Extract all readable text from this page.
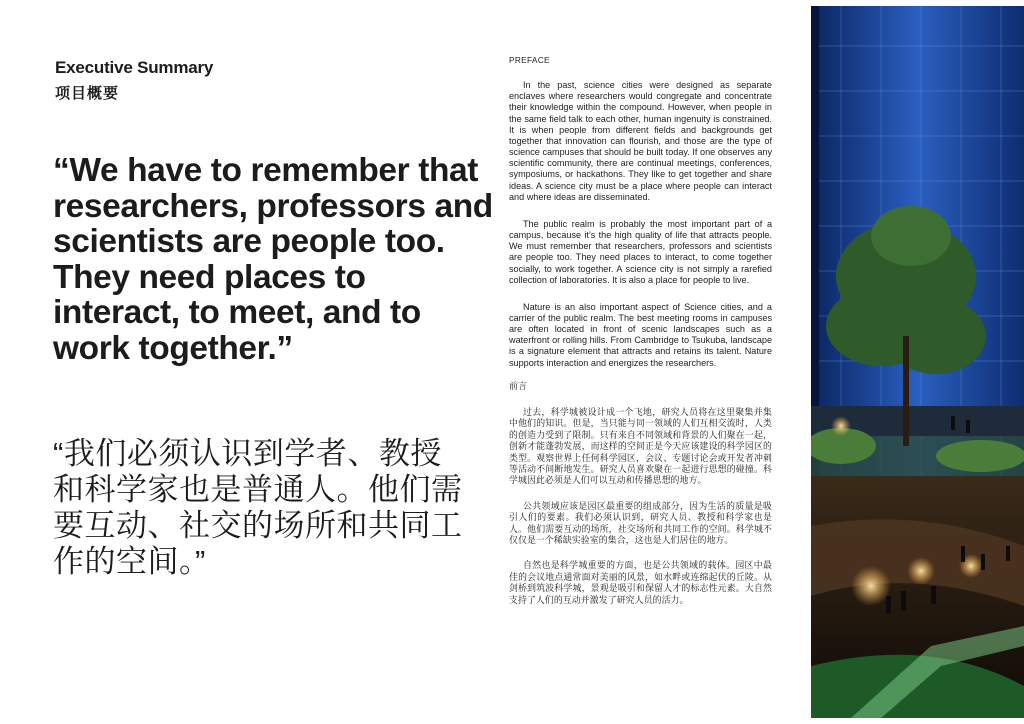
Executive Summary
项目概要
“We have to remember that researchers, professors and scientists are people too. They need places to interact, to meet, and to work together.”
“我们必须认识到学者、教授和科学家也是普通人。他们需要互动、社交的场所和共同工作的空间。”
PREFACE

In the past, science cities were designed as separate enclaves where researchers would congregate and concentrate their knowledge within the compound. However, when people in the same field talk to each other, human ingenuity is constrained. It is when people from different fields and backgrounds get together that innovation can flourish, and those are the type of science campuses that should be built today. If one observes any scientific community, there are continual meetings, conferences, symposiums, or hackathons. They like to get together and share ideas. A science city must be a place where people can interact and where ideas are disseminated.

The public realm is probably the most important part of a campus, because it’s the high quality of life that attracts people. We must remember that researchers, professors and scientists are people too. They need places to interact, to come together socially, to work together. A science city is not simply a rarefied collection of laboratories. It is also a place for people to live.

Nature is an also important aspect of Science cities, and a carrier of the public realm. The best meeting rooms in campuses are often located in front of scenic landscapes such as a waterfront or rolling hills. From Cambridge to Tsukuba, landscape is a signature element that attracts and retains its talent. Nature supports interaction and energizes the researchers.

前言

过去，科学城被设计成一个飞地，研究人员将在这里聚集并集中他们的知识。但是，当只能与同一领域的人们互相交流时，人类的创造力受到了限制。只有来自不同领域和背景的人们聚在一起，创新才能蓬勃发展，而这样的空间正是今天应该建设的科学园区的类型。观察世界上任何科学园区，会议、专题讨论会或开发者冲刺等活动不间断地发生。研究人员喜欢聚在一起进行思想的碰撞。科学城因此必须是人们可以互动和传播思想的地方。

公共领域应该是园区最重要的组成部分，因为生活的质量是吸引人们的要素。我们必须认识到，研究人员、教授和科学家也是人。他们需要互动的场所，社交场所和共同工作的空间。科学城不仅仅是一个稀缺实验室的集合，这也是人们居住的地方。

自然也是科学城重要的方面，也是公共领域的载体。园区中最佳的会议地点通常面对美丽的风景，如水畔或连绵起伏的丘陵。从剑桥到筑波科学城，景观是吸引和保留人才的标志性元素。大自然支持了人们的互动并激发了研究人员的活力。
